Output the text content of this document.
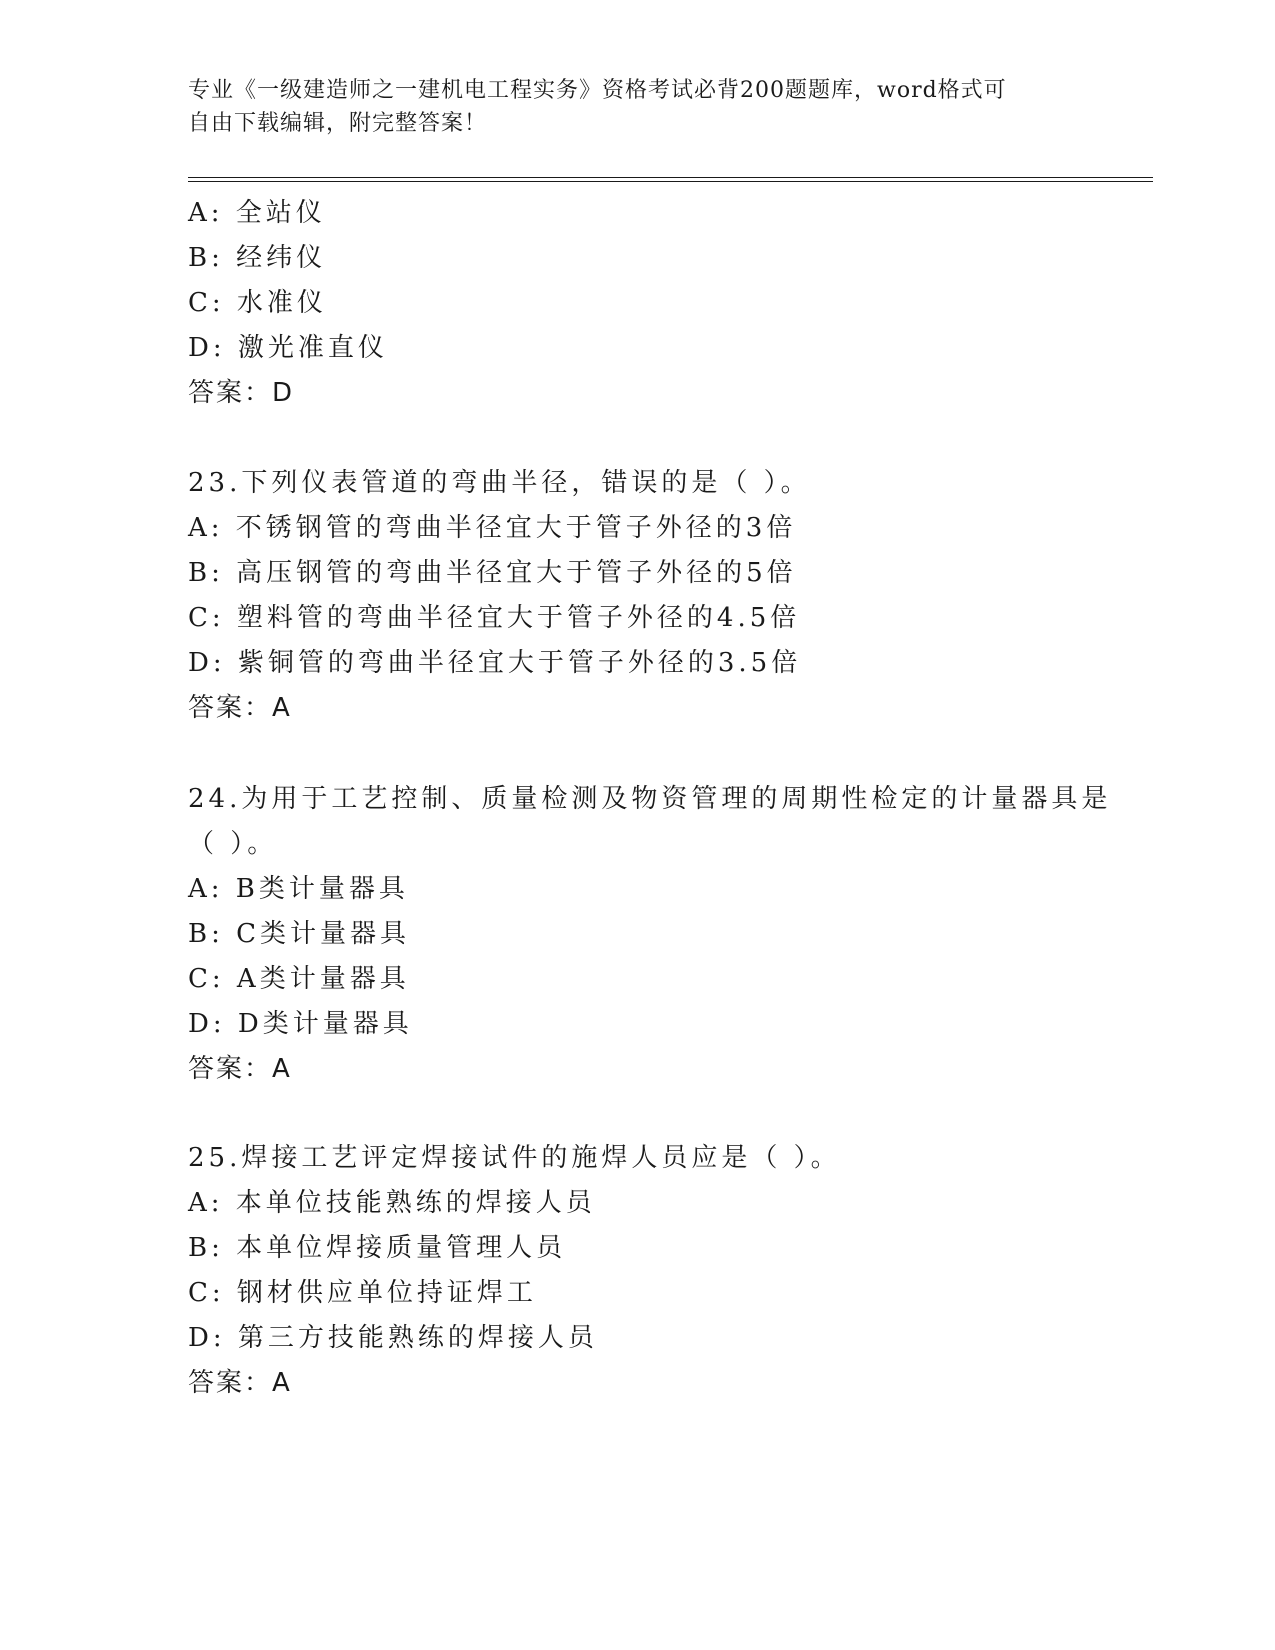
专业《一级建造师之一建机电工程实务》资格考试必背200题题库，word格式可
自由下载编辑，附完整答案！
A: 全站仪
B: 经纬仪
C: 水准仪
D: 激光准直仪
答案：D
23.下列仪表管道的弯曲半径，错误的是（ ）。
A: 不锈钢管的弯曲半径宜大于管子外径的3倍
B: 高压钢管的弯曲半径宜大于管子外径的5倍
C: 塑料管的弯曲半径宜大于管子外径的4.5倍
D: 紫铜管的弯曲半径宜大于管子外径的3.5倍
答案：A
24.为用于工艺控制、质量检测及物资管理的周期性检定的计量器具是
（ ）。
A: B类计量器具
B: C类计量器具
C: A类计量器具
D: D类计量器具
答案：A
25.焊接工艺评定焊接试件的施焊人员应是（ ）。
A: 本单位技能熟练的焊接人员
B: 本单位焊接质量管理人员
C: 钢材供应单位持证焊工
D: 第三方技能熟练的焊接人员
答案：A
